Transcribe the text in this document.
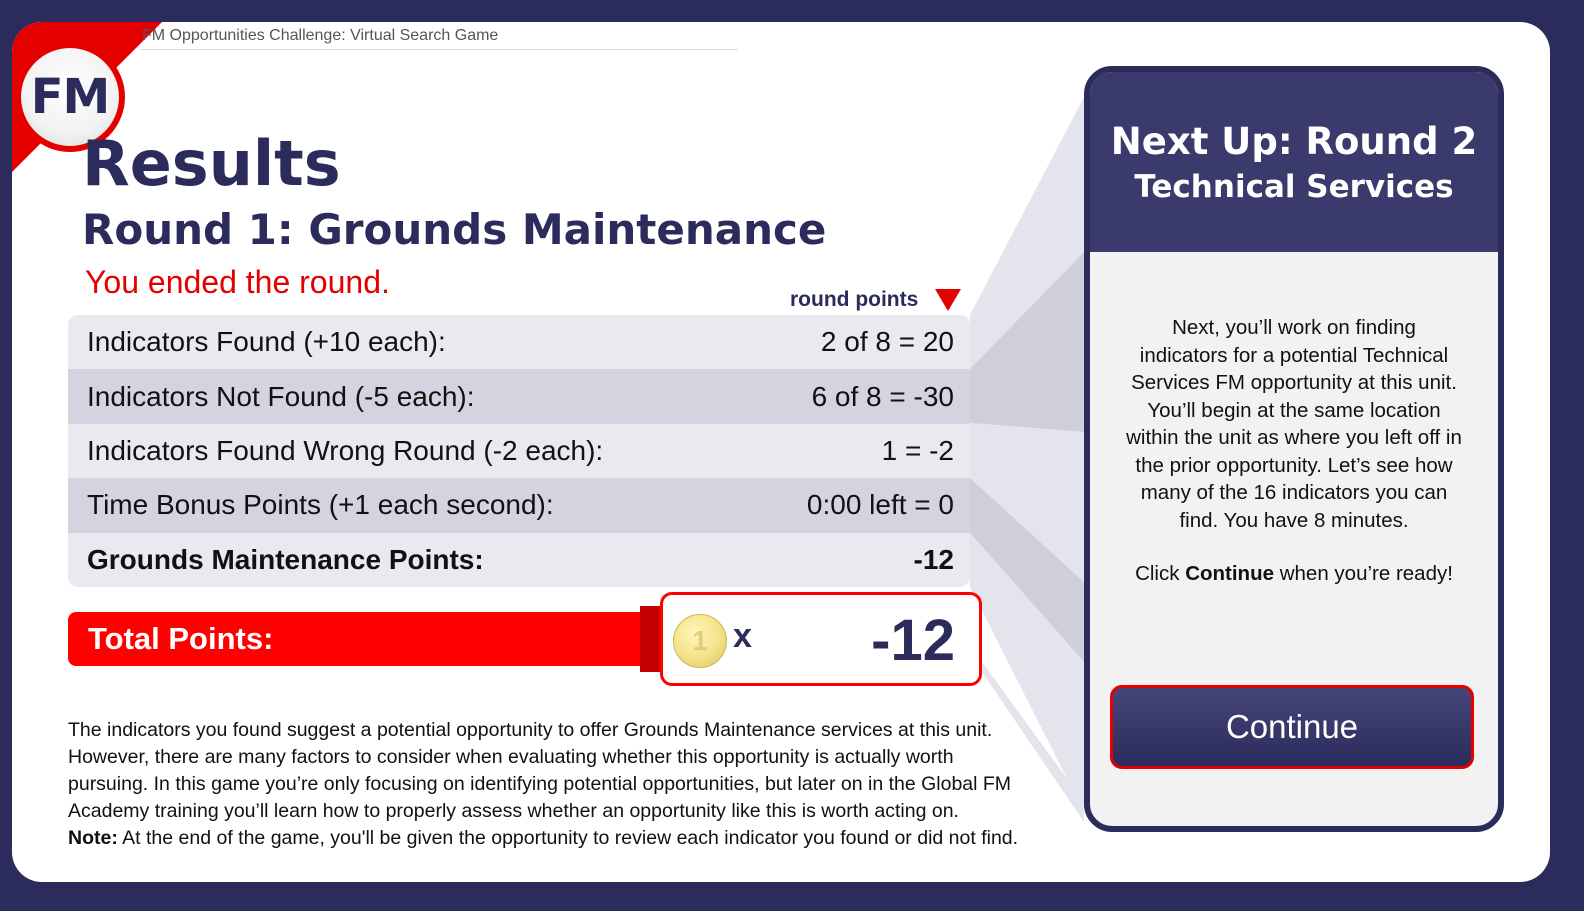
FM
FM Opportunities Challenge: Virtual Search Game
Results
Round 1: Grounds Maintenance
You ended the round.	round points
Indicators Found (+10 each):	2 of 8 = 20
Indicators Not Found (-5 each):	6 of 8 = -30
Indicators Found Wrong Round (-2 each):	1 = -2
Time Bonus Points (+1 each second):	0:00 left = 0
Grounds Maintenance Points:	-12
Total Points:	1 x -12

The indicators you found suggest a potential opportunity to offer Grounds Maintenance services at this unit.

However, there are many factors to consider when evaluating whether this opportunity is actually worth

pursuing. In this game you’re only focusing on identifying potential opportunities, but later on in the Global FM

Academy training you’ll learn how to properly assess whether an opportunity like this is worth acting on.

Note: At the end of the game, you'll be given the opportunity to review each indicator you found or did not find.

Next Up: Round 2
Technical Services

Next, you’ll work on finding
indicators for a potential Technical
Services FM opportunity at this unit.
You’ll begin at the same location
within the unit as where you left off in
the prior opportunity. Let’s see how
many of the 16 indicators you can
find. You have 8 minutes.

Click Continue when you’re ready!

Continue
